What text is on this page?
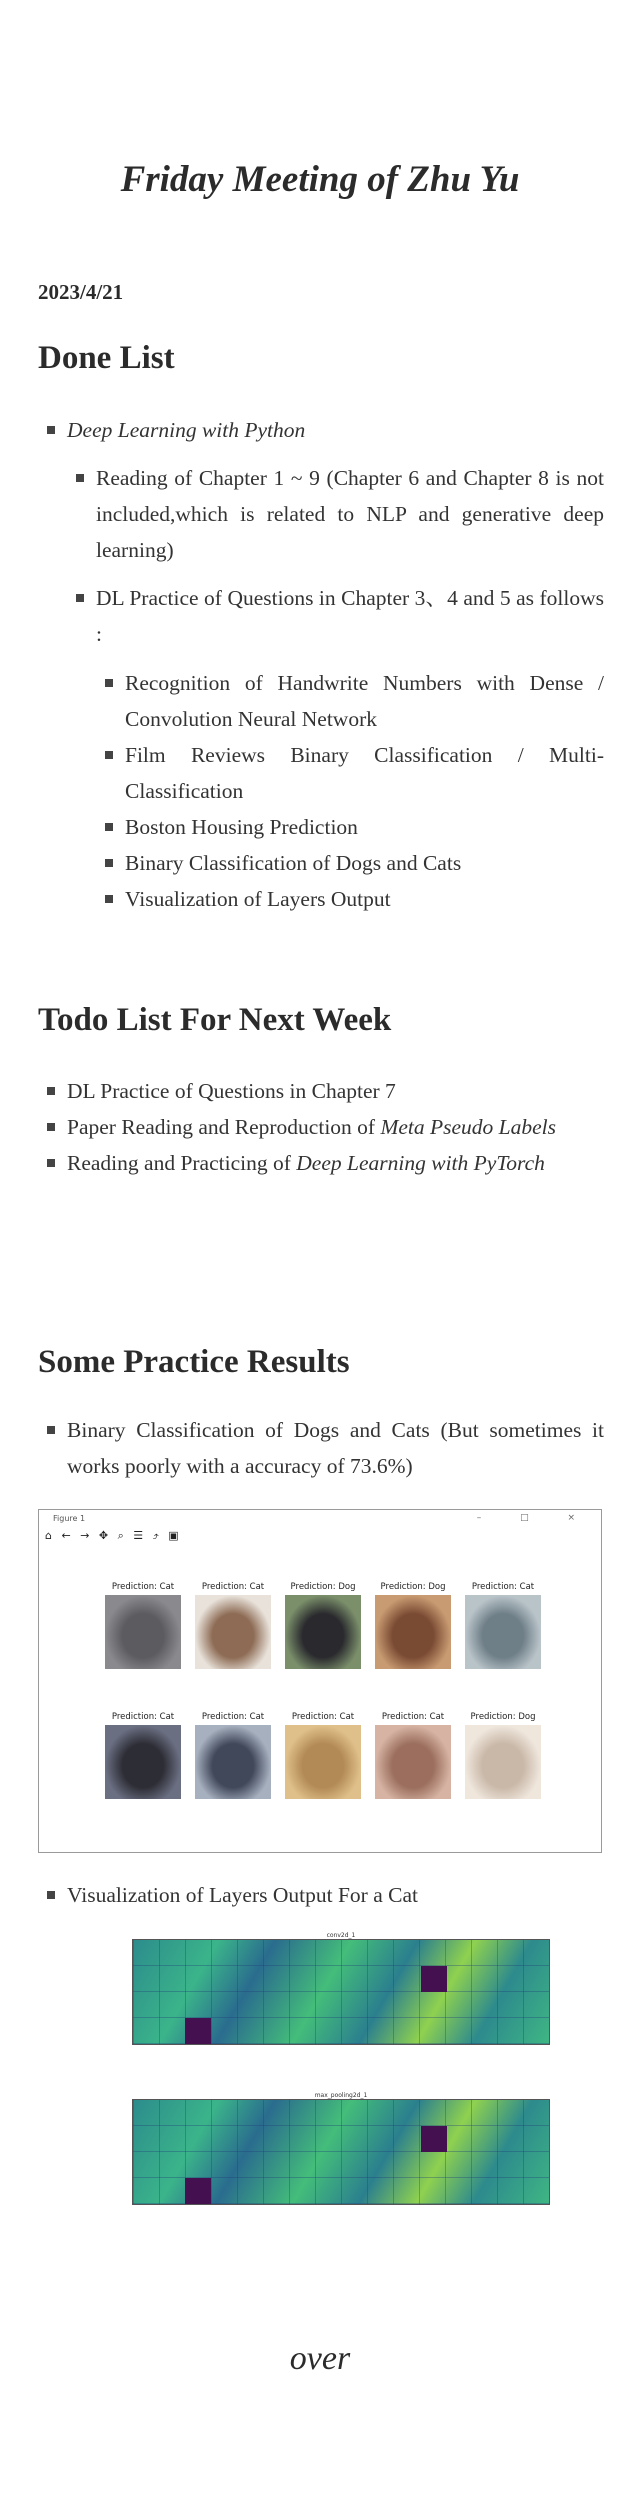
Friday Meeting of Zhu Yu
2023/4/21
Done List
Deep Learning with Python
Reading of Chapter 1 ~ 9 (Chapter 6 and Chapter 8 is not included,which is related to NLP and generative deep learning)
DL Practice of Questions in Chapter 3、4 and 5 as follows :
Recognition of Handwrite Numbers with Dense / Convolution Neural Network
Film Reviews Binary Classification / Multi-Classification
Boston Housing Prediction
Binary Classification of Dogs and Cats
Visualization of Layers Output
Todo List For Next Week
DL Practice of Questions in Chapter 7
Paper Reading and Reproduction of Meta Pseudo Labels
Reading and Practicing of Deep Learning with PyTorch
Some Practice Results
Binary Classification of Dogs and Cats (But sometimes it works poorly with a accuracy of 73.6%)
Figure 1	– □ ×
⌂ ← → ✥ ⌕ ☰ ⤴ ▣
Prediction: Cat	Prediction: Cat	Prediction: Dog	Prediction: Dog	Prediction: Cat
Prediction: Cat	Prediction: Cat	Prediction: Cat	Prediction: Cat	Prediction: Dog
Visualization of Layers Output For a Cat
conv2d_1
max_pooling2d_1
over
